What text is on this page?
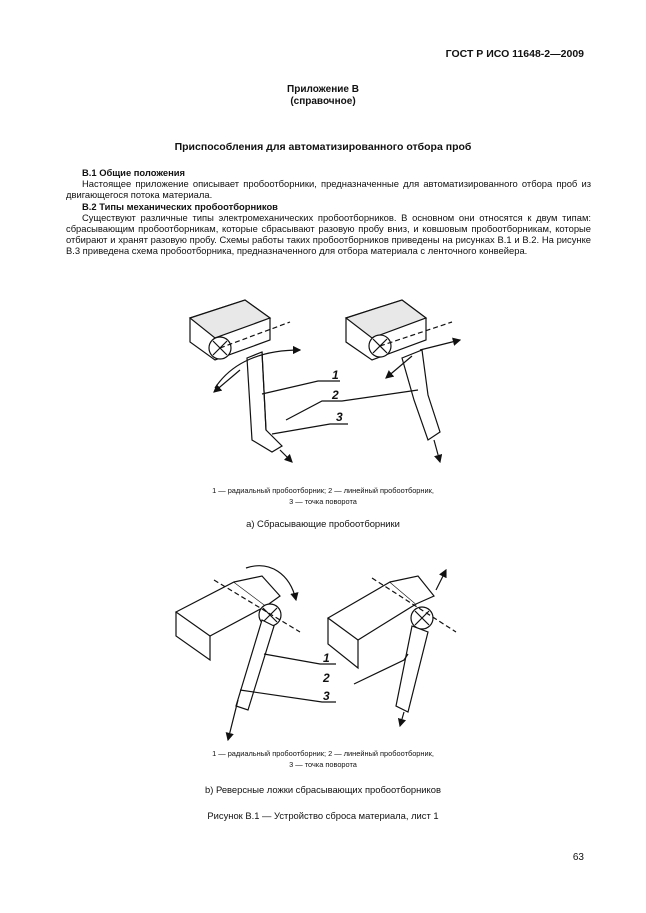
ГОСТ Р ИСО 11648-2—2009
Приложение В
(справочное)
Приспособления для автоматизированного отбора проб

В.1 Общие положения

Настоящее приложение описывает пробоотборники, предназначенные для автоматизированного отбора проб из двигающегося потока материала.

В.2 Типы механических пробоотборников

Существуют различные типы электромеханических пробоотборников. В основном они относятся к двум типам: сбрасывающим пробоотборникам, которые сбрасывают разовую пробу вниз, и ковшовым пробоотборникам, которые отбирают и хранят разовую пробу. Схемы работы таких пробоотборников приведены на рисунках В.1 и В.2. На рисунке В.3 приведена схема пробоотборника, предназначенного для отбора материала с ленточного конвейера.

1
2
3
1
2
3
1 — радиальный пробоотборник; 2 — линейный пробоотборник,
3 — точка поворота
а) Сбрасывающие пробоотборники
1 — радиальный пробоотборник; 2 — линейный пробоотборник,
3 — точка поворота
b) Реверсные ложки сбрасывающих пробоотборников
Рисунок В.1 — Устройство сброса материала, лист 1
63
